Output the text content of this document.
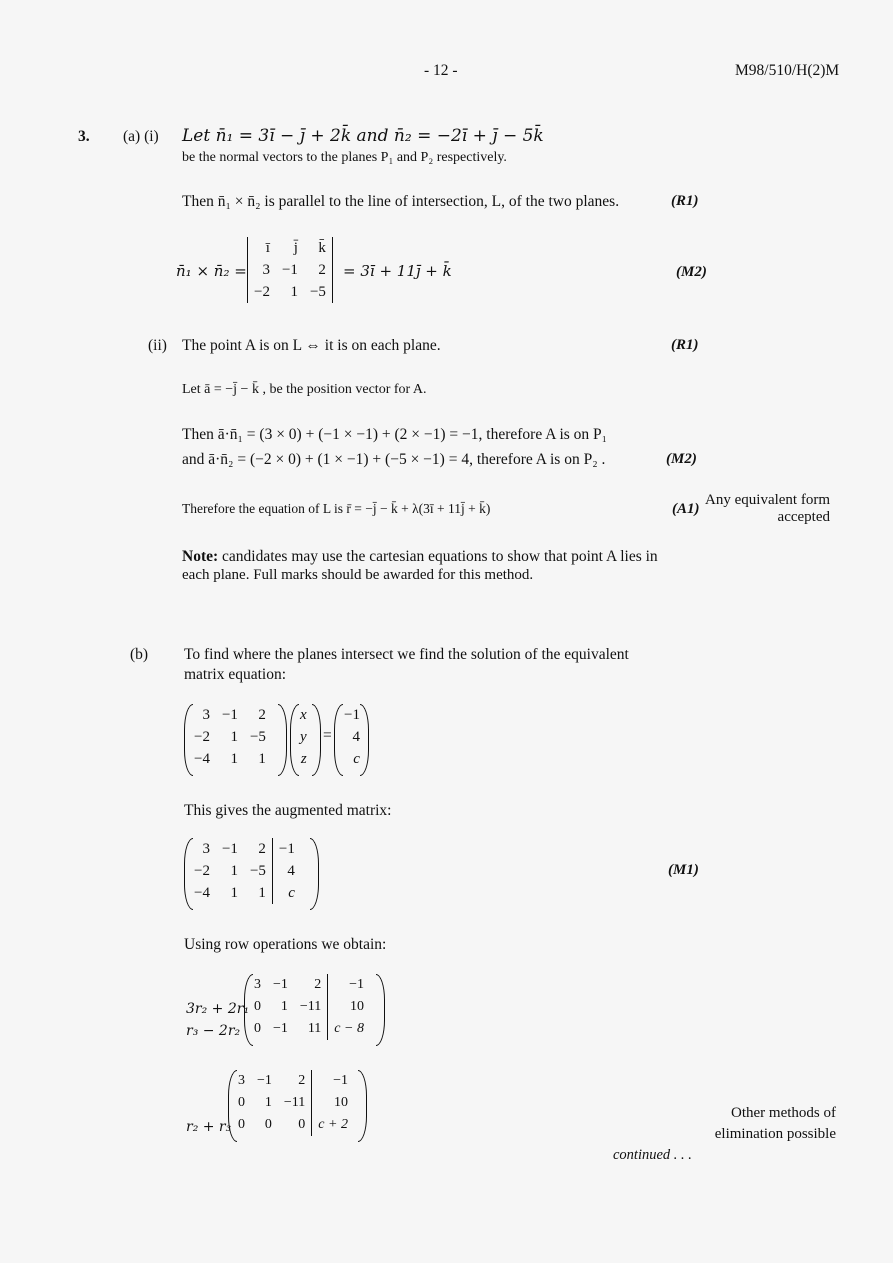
- 12 -	M98/510/H(2)M
3. (a) (i) Let n̄₁ = 3ī − j̄ + 2k̄ and n̄₂ = −2ī + j̄ − 5k̄
be the normal vectors to the planes P₁ and P₂ respectively.
Then n̄₁ × n̄₂ is parallel to the line of intersection, L, of the two planes.	(R1)
n̄₁ × n̄₂ =
ī	j̄	k̄
3	−1	2
−2	1	−5
= 3ī + 11j̄ + k̄	(M2)
(ii) The point A is on L ⇔ it is on each plane.	(R1)
Let ā = −j̄ − k̄ , be the position vector for A.
Then ā·n̄₁ = (3 × 0) + (−1 × −1) + (2 × −1) = −1, therefore A is on P₁
and ā·n̄₂ = (−2 × 0) + (1 × −1) + (−5 × −1) = 4, therefore A is on P₂ .	(M2)
Therefore the equation of L is r̄ = −j̄ − k̄ + λ(3ī + 11j̄ + k̄)	(A1)
Any equivalent form accepted
Note: candidates may use the cartesian equations to show that point A lies in
each plane. Full marks should be awarded for this method.
(b) To find where the planes intersect we find the solution of the equivalent
matrix equation:
3	−1	2
−2	1	−5
−4	1	1
x
y
z
=
−1
4
c
This gives the augmented matrix:
3	−1	2	−1
−2	1	−5	4
−4	1	1	c
(M1)
Using row operations we obtain:
3r₂ + 2r₁
r₃ − 2r₂
3	−1	2	−1
0	1	−11	10
0	−1	11	c − 8
r₂ + r₃
3	−1	2	−1
0	1	−11	10
0	0	0	c + 2
Other methods of elimination possible
continued . . .
